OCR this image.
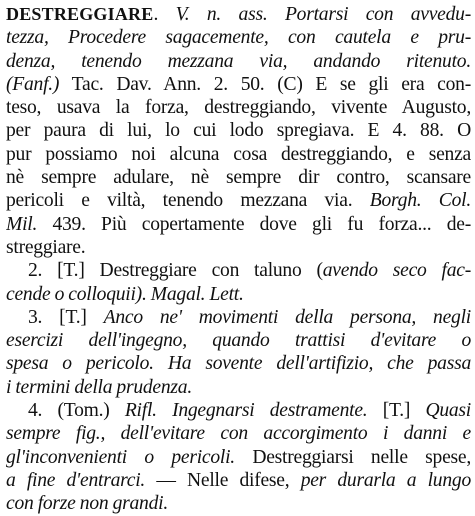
DESTREGGIARE. V. n. ass. Portarsi con avvedu-
tezza, Procedere sagacemente, con cautela e pru-
denza, tenendo mezzana via, andando ritenuto.
(Fanf.) Tac. Dav. Ann. 2. 50. (C) E se gli era con-
teso, usava la forza, destreggiando, vivente Augusto,
per paura di lui, lo cui lodo spregiava. E 4. 88. O
pur possiamo noi alcuna cosa destreggiando, e senza
nè sempre adulare, nè sempre dir contro, scansare
pericoli e viltà, tenendo mezzana via. Borgh. Col.
Mil. 439. Più copertamente dove gli fu forza... de-
streggiare.
2. [T.] Destreggiare con taluno (avendo seco fac-
cende o colloquii). Magal. Lett.
3. [T.] Anco ne' movimenti della persona, negli
esercizi dell'ingegno, quando trattisi d'evitare o
spesa o pericolo. Ha sovente dell'artifizio, che passa
i termini della prudenza.
4. (Tom.) Rifl. Ingegnarsi destramente. [T.] Quasi
sempre fig., dell'evitare con accorgimento i danni e
gl'inconvenienti o pericoli. Destreggiarsi nelle spese,
a fine d'entrarci. — Nelle difese, per durarla a lungo
con forze non grandi.
